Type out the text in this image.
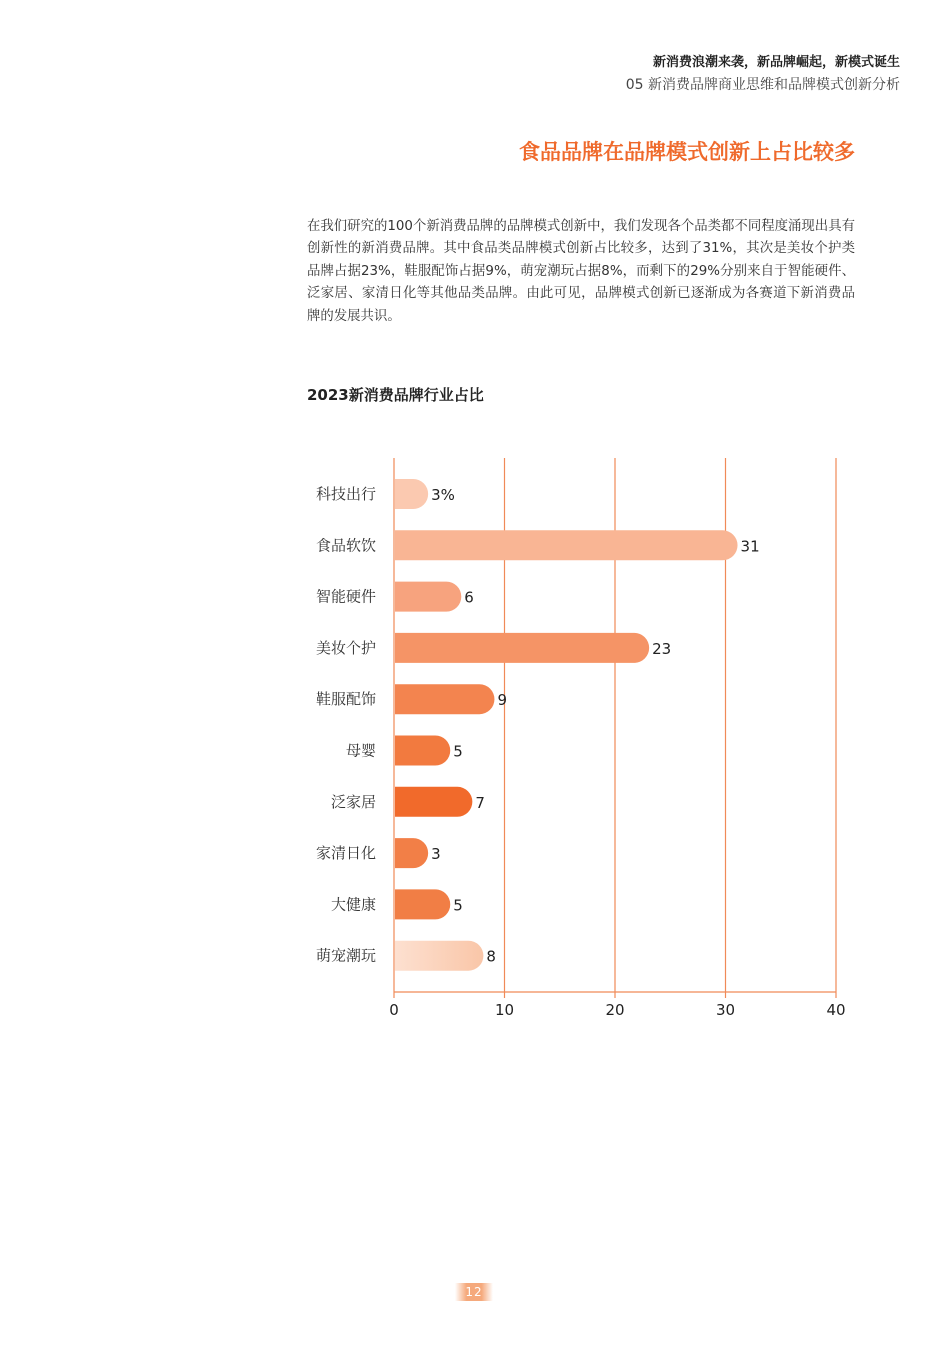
新消费浪潮来袭，新品牌崛起，新模式诞生
05 新消费品牌商业思维和品牌模式创新分析
食品品牌在品牌模式创新上占比较多

在我们研究的100个新消费品牌的品牌模式创新中，我们发现各个品类都不同程度涌现出具有创新性的新消费品牌。其中食品类品牌模式创新占比较多，达到了31%，其次是美妆个护类品牌占据23%，鞋服配饰占据9%，萌宠潮玩占据8%，而剩下的29%分别来自于智能硬件、泛家居、家清日化等其他品类品牌。由此可见，品牌模式创新已逐渐成为各赛道下新消费品牌的发展共识。

2023新消费品牌行业占比
0	10	20	30	40
科技出行	3%
食品软饮	31
智能硬件	6
美妆个护	23
鞋服配饰	9
母婴	5
泛家居	7
家清日化	3
大健康	5
萌宠潮玩	8
12
